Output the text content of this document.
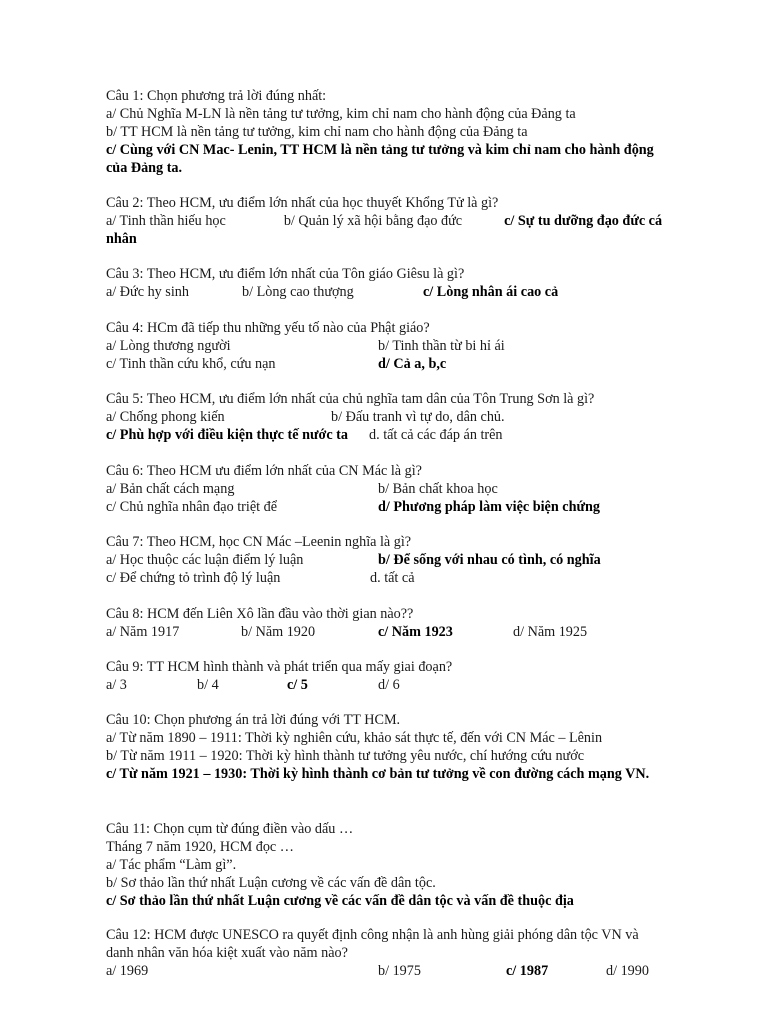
Câu 1: Chọn phương trả lời đúng nhất:
a/ Chủ Nghĩa M-LN là nền tảng tư tưởng, kim chỉ nam cho hành động của Đảng ta
b/ TT HCM là nền tảng tư tưởng, kim chỉ nam cho hành động của Đảng ta
c/ Cùng với CN Mac- Lenin, TT HCM là nền tảng tư tưởng và kim chỉ nam cho hành động của Đảng ta.
Câu 2: Theo HCM, ưu điểm lớn nhất của học thuyết Khổng Tử là gì?
a/ Tinh thần hiếu học	b/ Quản lý xã hội bằng đạo đức	c/ Sự tu dưỡng đạo đức cá nhân
Câu 3: Theo HCM, ưu điểm lớn nhất của Tôn giáo Giêsu là gì?
a/ Đức hy sinh	b/ Lòng cao thượng	c/ Lòng nhân ái cao cả
Câu 4: HCm đã tiếp thu những yếu tố nào của Phật giáo?
a/ Lòng thương người	b/ Tinh thần từ bi hỉ ái
c/ Tinh thần cứu khổ, cứu nạn	d/ Cả a, b,c
Câu 5: Theo HCM, ưu điểm lớn nhất của chủ nghĩa tam dân của Tôn Trung Sơn là gì?
a/ Chống phong kiến	b/ Đấu tranh vì tự do, dân chủ.
c/ Phù hợp với điều kiện thực tế nước ta d. tất cả các đáp án trên
Câu 6: Theo HCM ưu điểm lớn nhất của CN Mác là gì?
a/ Bản chất cách mạng	b/ Bản chất khoa học
c/ Chủ nghĩa nhân đạo triệt để	d/ Phương pháp làm việc biện chứng
Câu 7: Theo HCM, học CN Mác –Leenin nghĩa là gì?
a/ Học thuộc các luận điểm lý luận	b/ Để sống với nhau có tình, có nghĩa
c/ Để chứng tỏ trình độ lý luận	d. tất cả
Câu 8: HCM đến Liên Xô lần đầu vào thời gian nào??
a/ Năm 1917	b/ Năm 1920	c/ Năm 1923	d/ Năm 1925
Câu 9: TT HCM hình thành và phát triển qua mấy giai đoạn?
a/ 3	b/ 4	c/ 5	d/ 6
Câu 10: Chọn phương án trả lời đúng với TT HCM.
a/ Từ năm 1890 – 1911: Thời kỳ nghiên cứu, khảo sát thực tế, đến với CN Mác – Lênin
b/ Từ năm 1911 – 1920: Thời kỳ hình thành tư tưởng yêu nước, chí hướng cứu nước
c/ Từ năm 1921 – 1930: Thời kỳ hình thành cơ bản tư tưởng về con đường cách mạng VN.
Câu 11: Chọn cụm từ đúng điền vào dấu …
Tháng 7 năm 1920, HCM đọc …
a/ Tác phẩm “Làm gì”.
b/ Sơ thảo lần thứ nhất Luận cương về các vấn đề dân tộc.
c/ Sơ thảo lần thứ nhất Luận cương về các vấn đề dân tộc và vấn đề thuộc địa
Câu 12: HCM được UNESCO ra quyết định công nhận là anh hùng giải phóng dân tộc VN và danh nhân văn hóa kiệt xuất vào năm nào?
a/ 1969	b/ 1975	c/ 1987	d/ 1990
